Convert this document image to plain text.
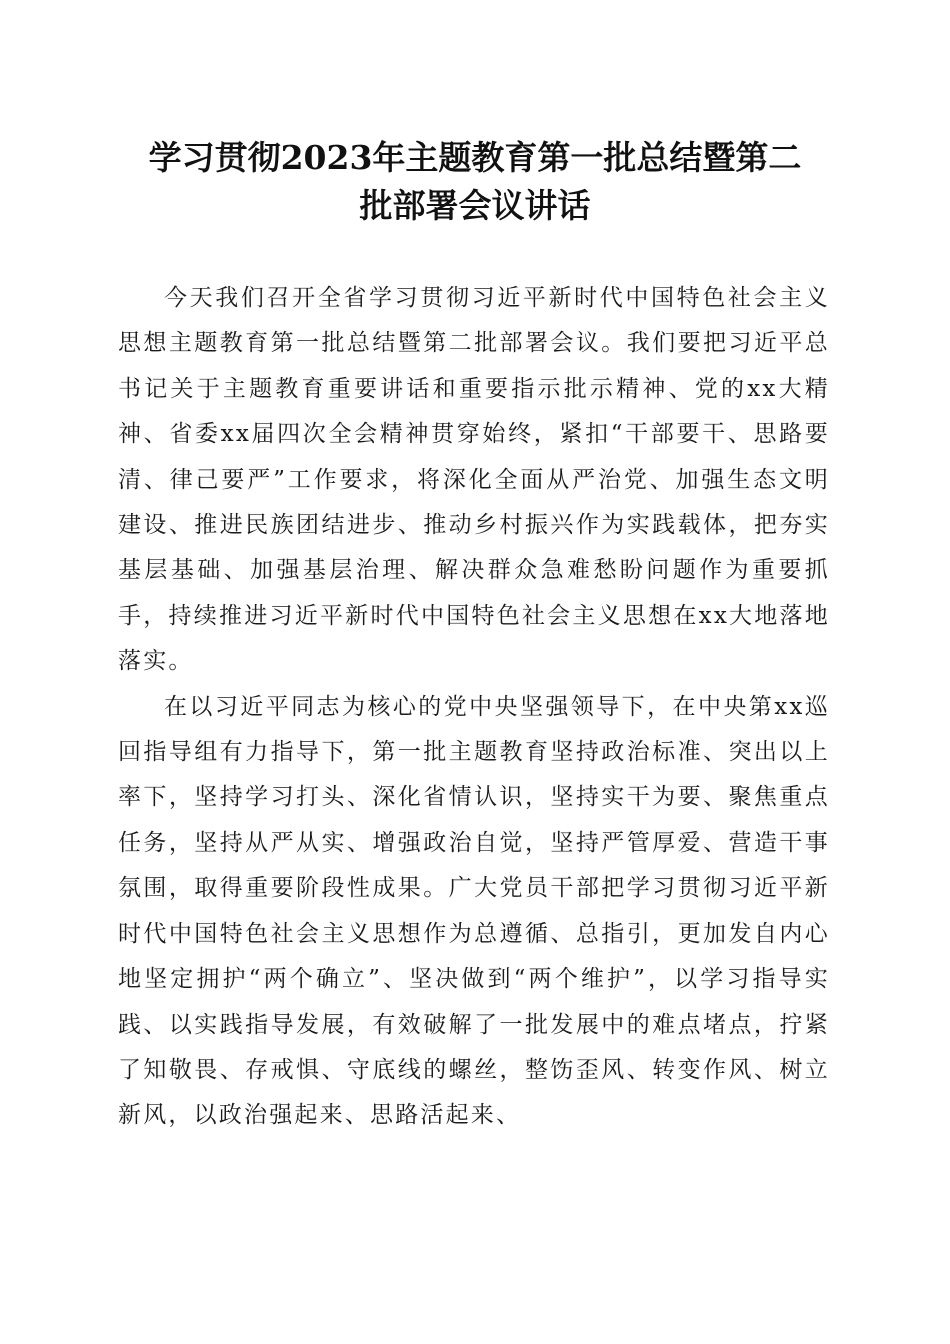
学习贯彻2023年主题教育第一批总结暨第二
批部署会议讲话

今天我们召开全省学习贯彻习近平新时代中国特色社会主义思想主题教育第一批总结暨第二批部署会议。我们要把习近平总书记关于主题教育重要讲话和重要指示批示精神、党的xx大精神、省委xx届四次全会精神贯穿始终，紧扣“干部要干、思路要清、律己要严”工作要求，将深化全面从严治党、加强生态文明建设、推进民族团结进步、推动乡村振兴作为实践载体，把夯实基层基础、加强基层治理、解决群众急难愁盼问题作为重要抓手，持续推进习近平新时代中国特色社会主义思想在xx大地落地落实。

在以习近平同志为核心的党中央坚强领导下，在中央第xx巡回指导组有力指导下，第一批主题教育坚持政治标准、突出以上率下，坚持学习打头、深化省情认识，坚持实干为要、聚焦重点任务，坚持从严从实、增强政治自觉，坚持严管厚爱、营造干事氛围，取得重要阶段性成果。广大党员干部把学习贯彻习近平新时代中国特色社会主义思想作为总遵循、总指引，更加发自内心地坚定拥护“两个确立”、坚决做到“两个维护”，以学习指导实践、以实践指导发展，有效破解了一批发展中的难点堵点，拧紧了知敬畏、存戒惧、守底线的螺丝，整饬歪风、转变作风、树立新风，以政治强起来、思路活起来、
